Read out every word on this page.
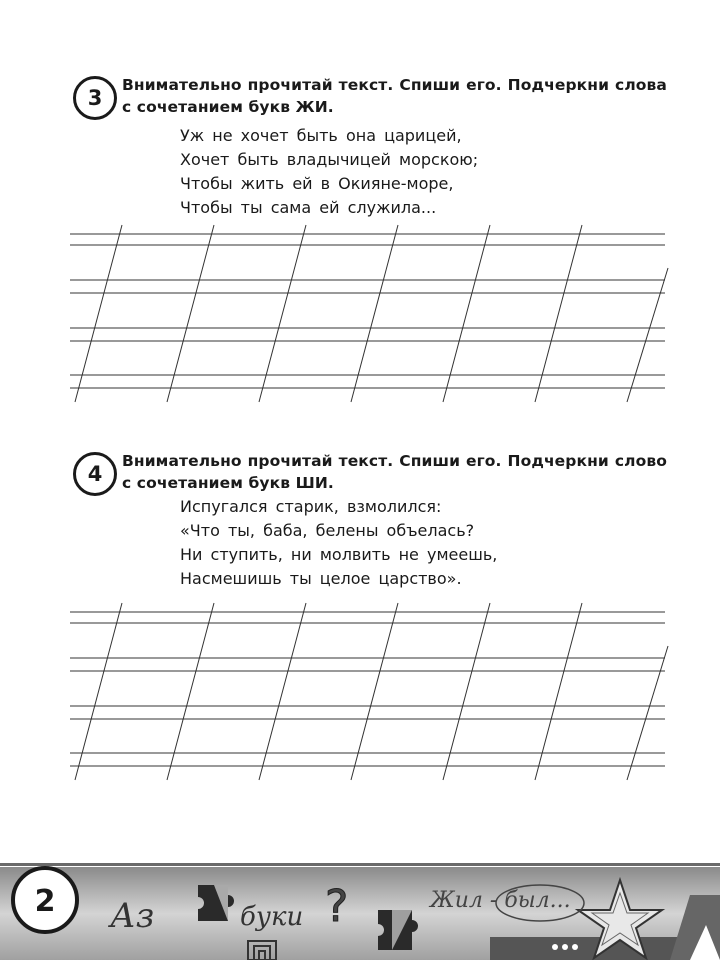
3
Внимательно прочитай текст. Спиши его. Подчеркни слова с сочетанием букв ЖИ.
Уж не хочет быть она царицей,
Хочет быть владычицей морскою;
Чтобы жить ей в Окияне-море,
Чтобы ты сама ей служила...
4
Внимательно прочитай текст. Спиши его. Подчеркни слово с сочетанием букв ШИ.
Испугался старик, взмолился:
«Что ты, баба, белены объелась?
Ни ступить, ни молвить не умеешь,
Насмешишь ты целое царство».
Аз	буки
Жил - был...
?
2
